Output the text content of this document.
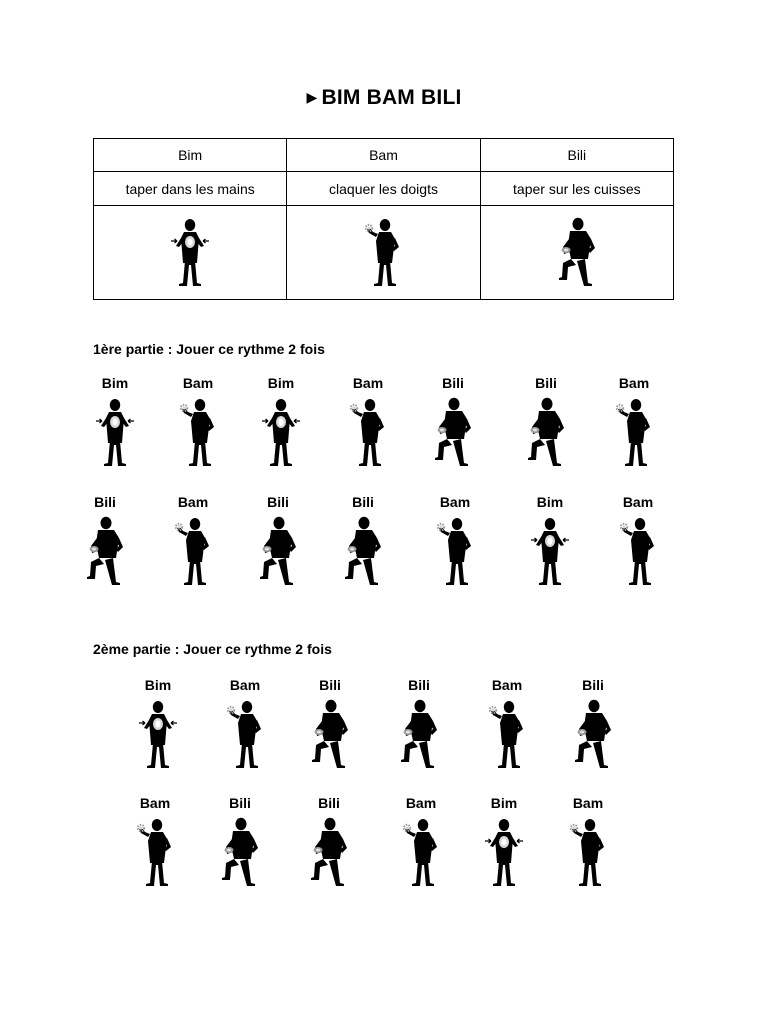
▶ BIM BAM BILI
Bim	Bam	Bili
taper dans les mains	claquer les doigts	taper sur les cuisses

1ère partie : Jouer ce rythme 2 fois
2ème partie : Jouer ce rythme 2 fois
Bim	Bam	Bim	Bam	Bili	Bili	Bam
Bili	Bam	Bili	Bili	Bam	Bim	Bam
Bim	Bam	Bili	Bili	Bam	Bili
Bam	Bili	Bili	Bam	Bim	Bam
